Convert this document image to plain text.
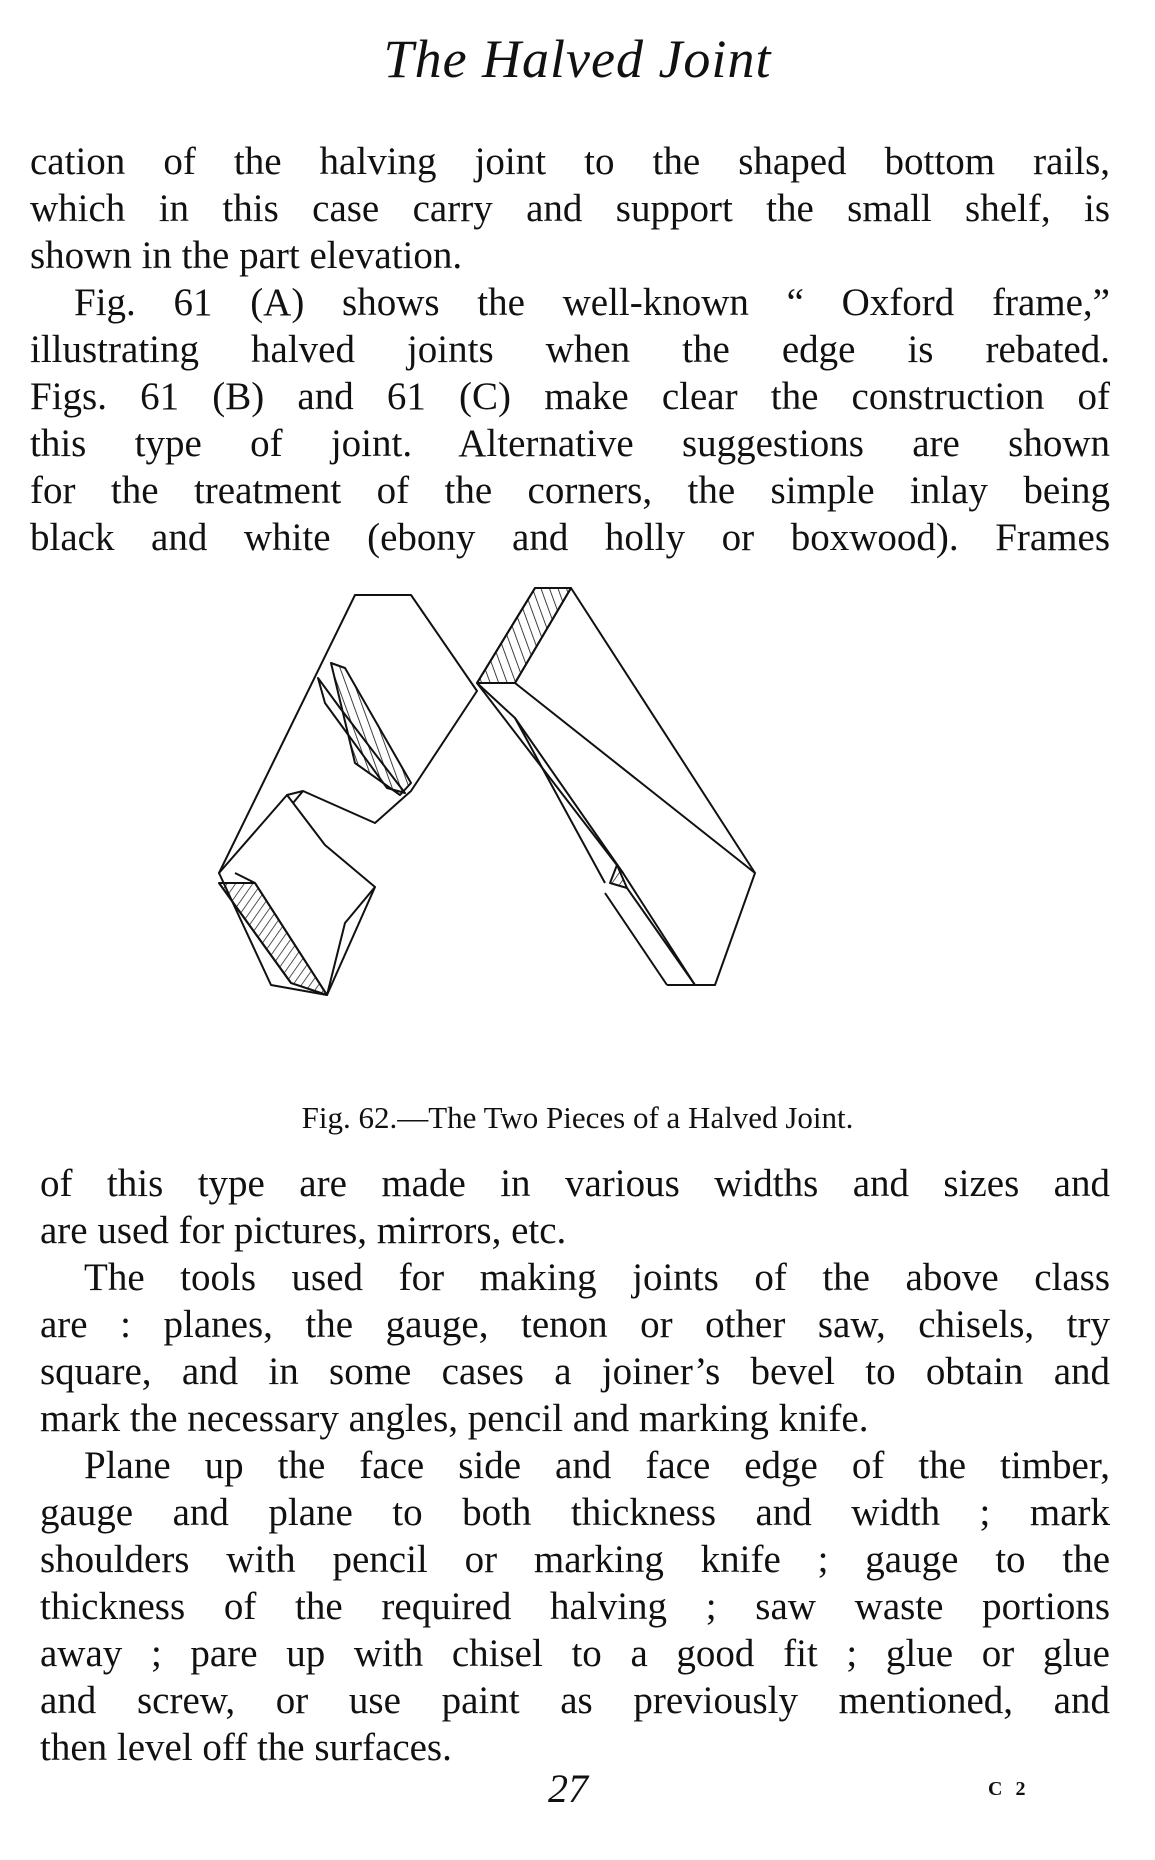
The Halved Joint
cation of the halving joint to the shaped bottom rails,
which in this case carry and support the small shelf, is
shown in the part elevation.
Fig. 61 (A) shows the well-known “ Oxford frame,”
illustrating halved joints when the edge is rebated.
Figs. 61 (B) and 61 (C) make clear the construction of
this type of joint. Alternative suggestions are shown
for the treatment of the corners, the simple inlay being
black and white (ebony and holly or boxwood). Frames
Fig. 62.—The Two Pieces of a Halved Joint.
of this type are made in various widths and sizes and
are used for pictures, mirrors, etc.
The tools used for making joints of the above class
are : planes, the gauge, tenon or other saw, chisels, try
square, and in some cases a joiner’s bevel to obtain and
mark the necessary angles, pencil and marking knife.
Plane up the face side and face edge of the timber,
gauge and plane to both thickness and width ; mark
shoulders with pencil or marking knife ; gauge to the
thickness of the required halving ; saw waste portions
away ; pare up with chisel to a good fit ; glue or glue
and screw, or use paint as previously mentioned, and
then level off the surfaces.
27	C 2
